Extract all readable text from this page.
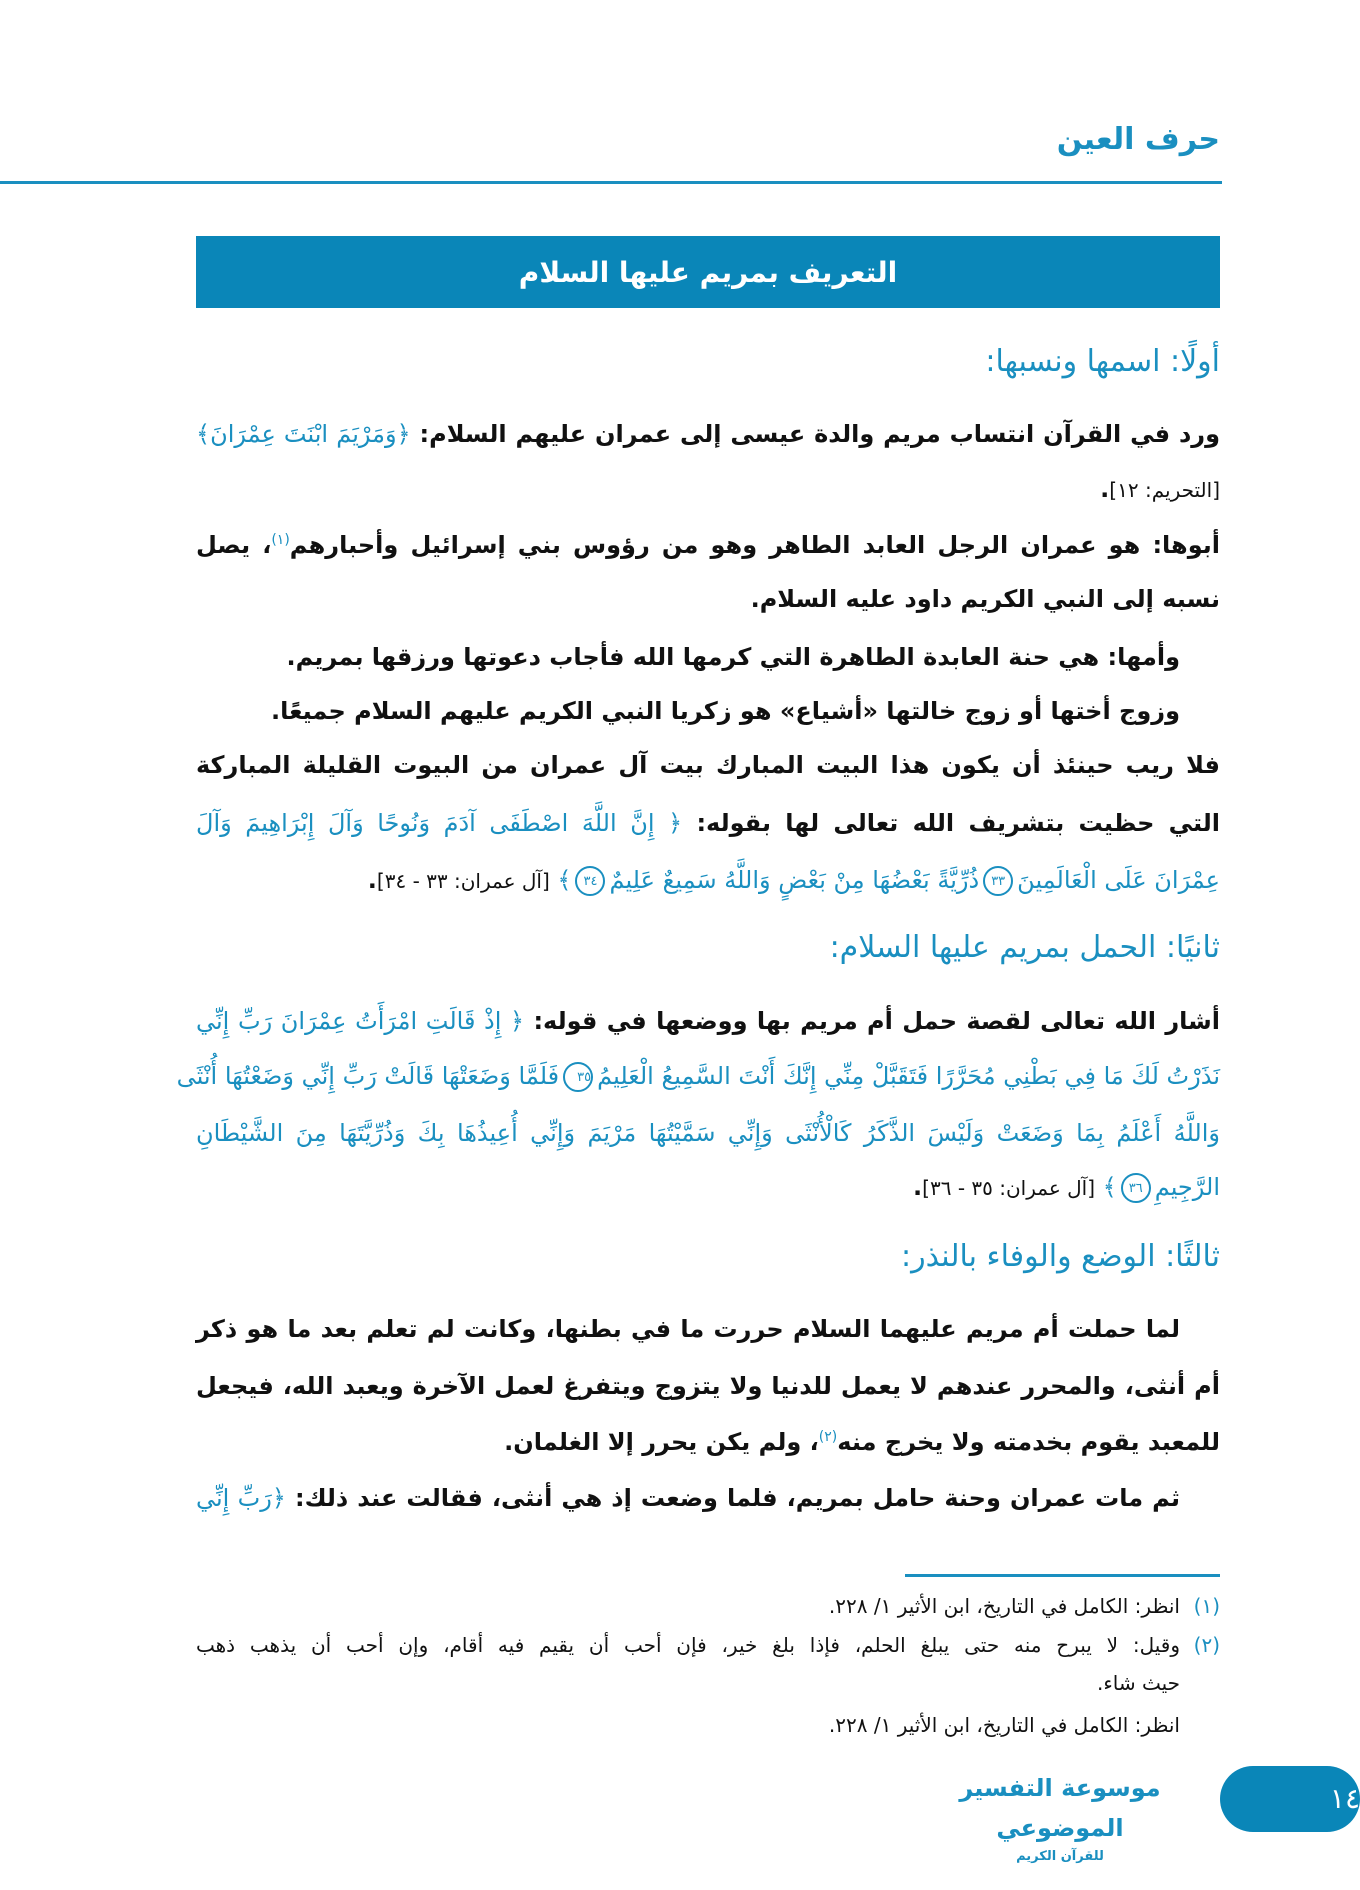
حرف العين
التعريف بمريم عليها السلام
أولًا: اسمها ونسبها:
ورد في القرآن انتساب مريم والدة عيسى إلى عمران عليهم السلام: ﴿وَمَرْيَمَ ابْنَتَ عِمْرَانَ﴾
[التحريم: ١٢].
أبوها: هو عمران الرجل العابد الطاهر وهو من رؤوس بني إسرائيل وأحبارهم$^{(١)}$، يصل
نسبه إلى النبي الكريم داود عليه السلام.
وأمها: هي حنة العابدة الطاهرة التي كرمها الله فأجاب دعوتها ورزقها بمريم.
وزوج أختها أو زوج خالتها «أشياع» هو زكريا النبي الكريم عليهم السلام جميعًا.
فلا ريب حينئذ أن يكون هذا البيت المبارك بيت آل عمران من البيوت القليلة المباركة
التي حظيت بتشريف الله تعالى لها بقوله: ﴿ إِنَّ اللَّهَ اصْطَفَى آدَمَ وَنُوحًا وَآلَ إِبْرَاهِيمَ وَآلَ
عِمْرَانَ عَلَى الْعَالَمِينَ٣٣ذُرِّيَّةً بَعْضُهَا مِنْ بَعْضٍ وَاللَّهُ سَمِيعٌ عَلِيمٌ٣٤﴾ [آل عمران: ٣٣ - ٣٤].
ثانيًا: الحمل بمريم عليها السلام:
أشار الله تعالى لقصة حمل أم مريم بها ووضعها في قوله: ﴿ إِذْ قَالَتِ امْرَأَتُ عِمْرَانَ رَبِّ إِنِّي
نَذَرْتُ لَكَ مَا فِي بَطْنِي مُحَرَّرًا فَتَقَبَّلْ مِنِّي إِنَّكَ أَنْتَ السَّمِيعُ الْعَلِيمُ٣٥فَلَمَّا وَضَعَتْهَا قَالَتْ رَبِّ إِنِّي وَضَعْتُهَا أُنْثَى
وَاللَّهُ أَعْلَمُ بِمَا وَضَعَتْ وَلَيْسَ الذَّكَرُ كَالْأُنْثَى وَإِنِّي سَمَّيْتُهَا مَرْيَمَ وَإِنِّي أُعِيذُهَا بِكَ وَذُرِّيَّتَهَا مِنَ الشَّيْطَانِ
الرَّجِيمِ٣٦﴾ [آل عمران: ٣٥ - ٣٦].
ثالثًا: الوضع والوفاء بالنذر:
لما حملت أم مريم عليهما السلام حررت ما في بطنها، وكانت لم تعلم بعد ما هو ذكر
أم أنثى، والمحرر عندهم لا يعمل للدنيا ولا يتزوج ويتفرغ لعمل الآخرة ويعبد الله، فيجعل
للمعبد يقوم بخدمته ولا يخرج منه$^{(٢)}$، ولم يكن يحرر إلا الغلمان.
ثم مات عمران وحنة حامل بمريم، فلما وضعت إذ هي أنثى، فقالت عند ذلك: ﴿رَبِّ إِنِّي
(١)انظر: الكامل في التاريخ، ابن الأثير ١/ ٢٢٨.
(٢)وقيل: لا يبرح منه حتى يبلغ الحلم، فإذا بلغ خير، فإن أحب أن يقيم فيه أقام، وإن أحب أن يذهب ذهب
حيث شاء.
انظر: الكامل في التاريخ، ابن الأثير ١/ ٢٢٨.
موسوعة التفسير الموضوعي
للقرآن الكريم
١٤
